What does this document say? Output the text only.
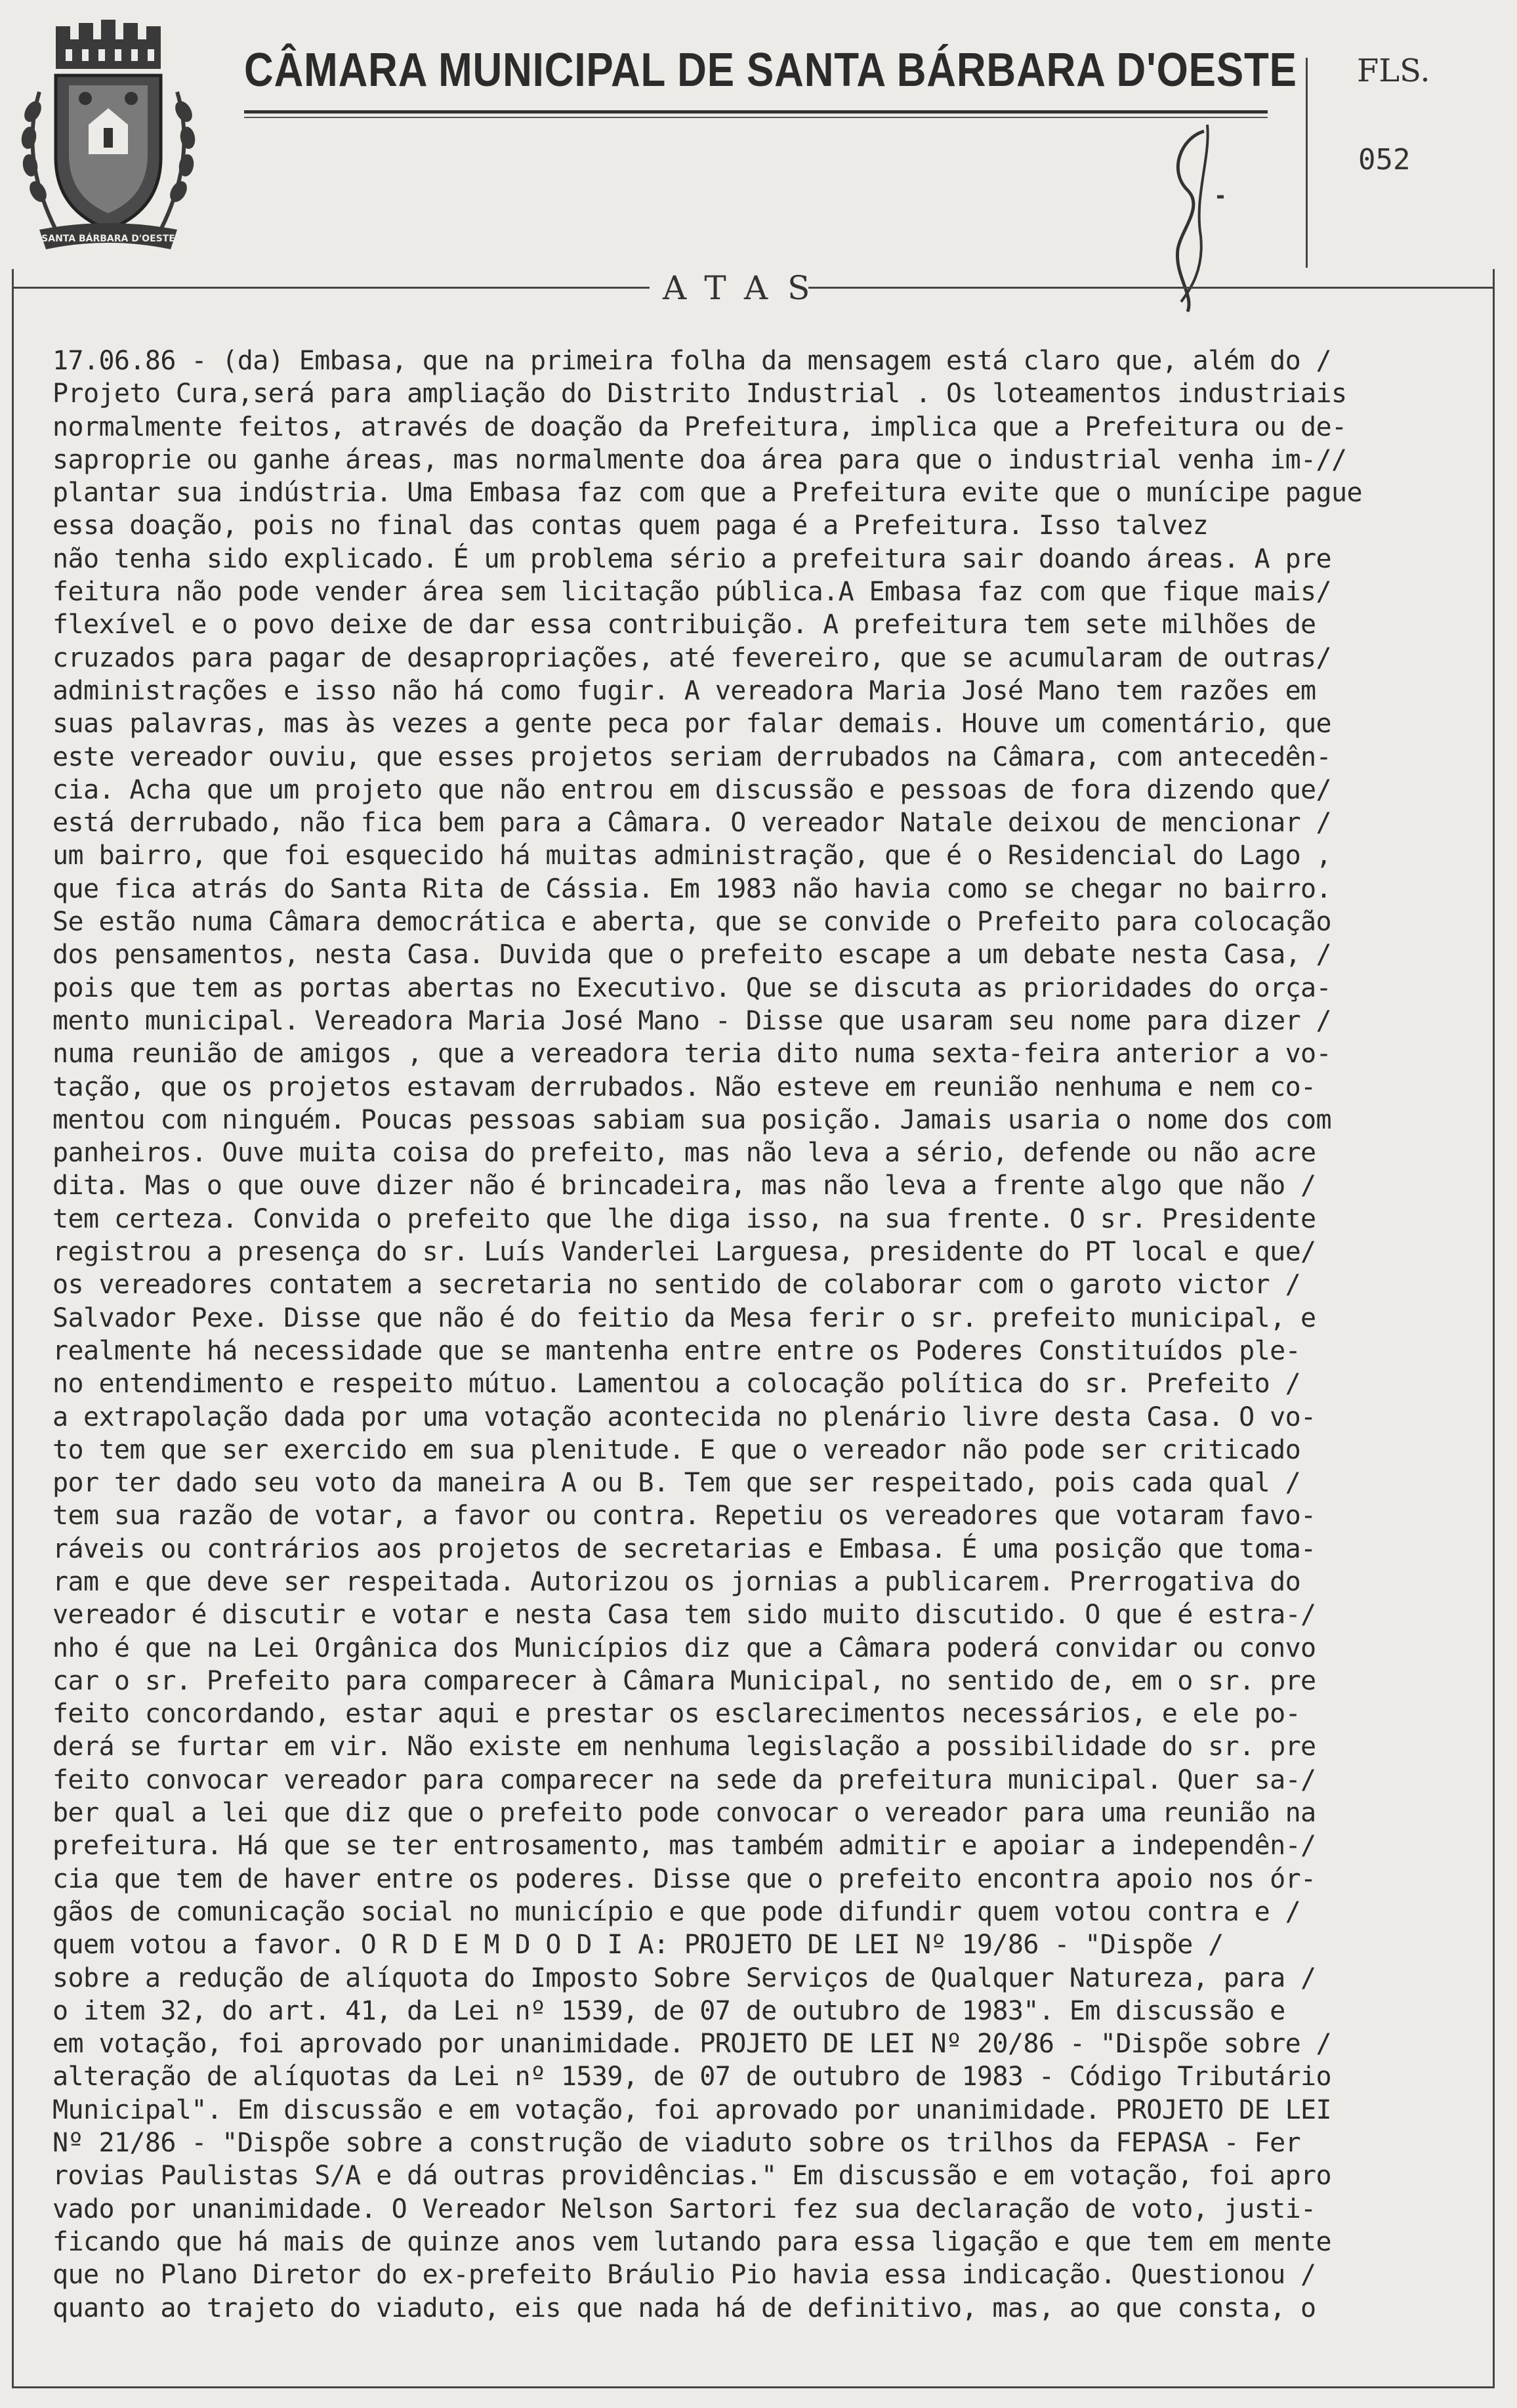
SANTA BÁRBARA D'OESTE
CÂMARA MUNICIPAL DE SANTA BÁRBARA D'OESTE FLS.
052
ATAS
17.06.86 - (da) Embasa, que na primeira folha da mensagem está claro que, além do /
Projeto Cura,será para ampliação do Distrito Industrial . Os loteamentos industriais
normalmente feitos, através de doação da Prefeitura, implica que a Prefeitura ou de-
saproprie ou ganhe áreas, mas normalmente doa área para que o industrial venha im-//
plantar sua indústria. Uma Embasa faz com que a Prefeitura evite que o munícipe pague
essa doação, pois no final das contas quem paga é a Prefeitura. Isso talvez
não tenha sido explicado. É um problema sério a prefeitura sair doando áreas. A pre
feitura não pode vender área sem licitação pública.A Embasa faz com que fique mais/
flexível e o povo deixe de dar essa contribuição. A prefeitura tem sete milhões de
cruzados para pagar de desapropriações, até fevereiro, que se acumularam de outras/
administrações e isso não há como fugir. A vereadora Maria José Mano tem razões em
suas palavras, mas às vezes a gente peca por falar demais. Houve um comentário, que
este vereador ouviu, que esses projetos seriam derrubados na Câmara, com antecedên-
cia. Acha que um projeto que não entrou em discussão e pessoas de fora dizendo que/
está derrubado, não fica bem para a Câmara. O vereador Natale deixou de mencionar /
um bairro, que foi esquecido há muitas administração, que é o Residencial do Lago ,
que fica atrás do Santa Rita de Cássia. Em 1983 não havia como se chegar no bairro.
Se estão numa Câmara democrática e aberta, que se convide o Prefeito para colocação
dos pensamentos, nesta Casa. Duvida que o prefeito escape a um debate nesta Casa, /
pois que tem as portas abertas no Executivo. Que se discuta as prioridades do orça-
mento municipal. Vereadora Maria José Mano - Disse que usaram seu nome para dizer /
numa reunião de amigos , que a vereadora teria dito numa sexta-feira anterior a vo-
tação, que os projetos estavam derrubados. Não esteve em reunião nenhuma e nem co-
mentou com ninguém. Poucas pessoas sabiam sua posição. Jamais usaria o nome dos com
panheiros. Ouve muita coisa do prefeito, mas não leva a sério, defende ou não acre
dita. Mas o que ouve dizer não é brincadeira, mas não leva a frente algo que não /
tem certeza. Convida o prefeito que lhe diga isso, na sua frente. O sr. Presidente
registrou a presença do sr. Luís Vanderlei Larguesa, presidente do PT local e que/
os vereadores contatem a secretaria no sentido de colaborar com o garoto victor /
Salvador Pexe. Disse que não é do feitio da Mesa ferir o sr. prefeito municipal, e
realmente há necessidade que se mantenha entre entre os Poderes Constituídos ple-
no entendimento e respeito mútuo. Lamentou a colocação política do sr. Prefeito /
a extrapolação dada por uma votação acontecida no plenário livre desta Casa. O vo-
to tem que ser exercido em sua plenitude. E que o vereador não pode ser criticado
por ter dado seu voto da maneira A ou B. Tem que ser respeitado, pois cada qual /
tem sua razão de votar, a favor ou contra. Repetiu os vereadores que votaram favo-
ráveis ou contrários aos projetos de secretarias e Embasa. É uma posição que toma-
ram e que deve ser respeitada. Autorizou os jornias a publicarem. Prerrogativa do
vereador é discutir e votar e nesta Casa tem sido muito discutido. O que é estra-/
nho é que na Lei Orgânica dos Municípios diz que a Câmara poderá convidar ou convo
car o sr. Prefeito para comparecer à Câmara Municipal, no sentido de, em o sr. pre
feito concordando, estar aqui e prestar os esclarecimentos necessários, e ele po-
derá se furtar em vir. Não existe em nenhuma legislação a possibilidade do sr. pre
feito convocar vereador para comparecer na sede da prefeitura municipal. Quer sa-/
ber qual a lei que diz que o prefeito pode convocar o vereador para uma reunião na
prefeitura. Há que se ter entrosamento, mas também admitir e apoiar a independên-/
cia que tem de haver entre os poderes. Disse que o prefeito encontra apoio nos ór-
gãos de comunicação social no município e que pode difundir quem votou contra e /
quem votou a favor. O R D E M D O D I A: PROJETO DE LEI Nº 19/86 - "Dispõe /
sobre a redução de alíquota do Imposto Sobre Serviços de Qualquer Natureza, para /
o item 32, do art. 41, da Lei nº 1539, de 07 de outubro de 1983". Em discussão e
em votação, foi aprovado por unanimidade. PROJETO DE LEI Nº 20/86 - "Dispõe sobre /
alteração de alíquotas da Lei nº 1539, de 07 de outubro de 1983 - Código Tributário
Municipal". Em discussão e em votação, foi aprovado por unanimidade. PROJETO DE LEI
Nº 21/86 - "Dispõe sobre a construção de viaduto sobre os trilhos da FEPASA - Fer
rovias Paulistas S/A e dá outras providências." Em discussão e em votação, foi apro
vado por unanimidade. O Vereador Nelson Sartori fez sua declaração de voto, justi-
ficando que há mais de quinze anos vem lutando para essa ligação e que tem em mente
que no Plano Diretor do ex-prefeito Bráulio Pio havia essa indicação. Questionou /
quanto ao trajeto do viaduto, eis que nada há de definitivo, mas, ao que consta, o
